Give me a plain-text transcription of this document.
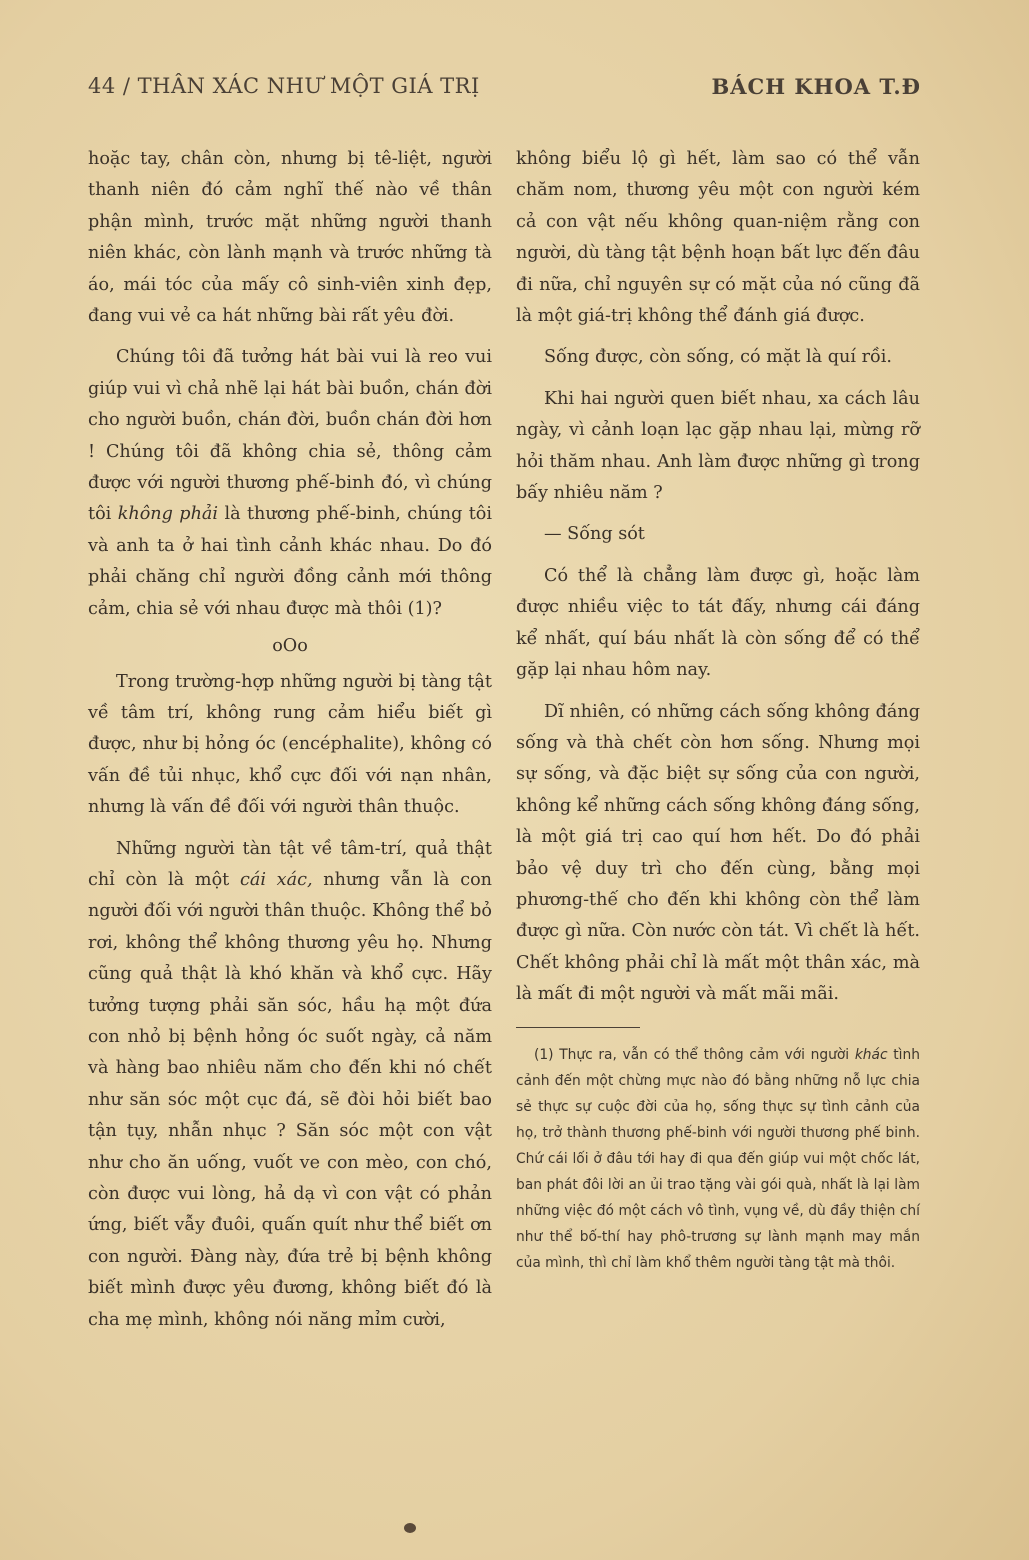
44 / THÂN XÁC NHƯ MỘT GIÁ TRỊ	BÁCH KHOA T.Đ

hoặc tay, chân còn, nhưng bị tê-liệt, người thanh niên đó cảm nghĩ thế nào về thân phận mình, trước mặt những người thanh niên khác, còn lành mạnh và trước những tà áo, mái tóc của mấy cô sinh-viên xinh đẹp, đang vui vẻ ca hát những bài rất yêu đời.

Chúng tôi đã tưởng hát bài vui là reo vui giúp vui vì chả nhẽ lại hát bài buồn, chán đời cho người buồn, chán đời, buồn chán đời hơn ! Chúng tôi đã không chia sẻ, thông cảm được với người thương phế-binh đó, vì chúng tôi không phải là thương phế-binh, chúng tôi và anh ta ở hai tình cảnh khác nhau. Do đó phải chăng chỉ người đồng cảnh mới thông cảm, chia sẻ với nhau được mà thôi (1)?

oOo

Trong trường-hợp những người bị tàng tật về tâm trí, không rung cảm hiểu biết gì được, như bị hỏng óc (encéphalite), không có vấn đề tủi nhục, khổ cực đối với nạn nhân, nhưng là vấn đề đối với người thân thuộc.

Những người tàn tật về tâm-trí, quả thật chỉ còn là một cái xác, nhưng vẫn là con người đối với người thân thuộc. Không thể bỏ rơi, không thể không thương yêu họ. Nhưng cũng quả thật là khó khăn và khổ cực. Hãy tưởng tượng phải săn sóc, hầu hạ một đứa con nhỏ bị bệnh hỏng óc suốt ngày, cả năm và hàng bao nhiêu năm cho đến khi nó chết như săn sóc một cục đá, sẽ đòi hỏi biết bao tận tụy, nhẫn nhục ? Săn sóc một con vật như cho ăn uống, vuốt ve con mèo, con chó, còn được vui lòng, hả dạ vì con vật có phản ứng, biết vẫy đuôi, quấn quít như thể biết ơn con người. Đàng này, đứa trẻ bị bệnh không biết mình được yêu đương, không biết đó là cha mẹ mình, không nói năng mỉm cười,

không biểu lộ gì hết, làm sao có thể vẫn chăm nom, thương yêu một con người kém cả con vật nếu không quan-niệm rằng con người, dù tàng tật bệnh hoạn bất lực đến đâu đi nữa, chỉ nguyên sự có mặt của nó cũng đã là một giá-trị không thể đánh giá được.

Sống được, còn sống, có mặt là quí rồi.

Khi hai người quen biết nhau, xa cách lâu ngày, vì cảnh loạn lạc gặp nhau lại, mừng rỡ hỏi thăm nhau. Anh làm được những gì trong bấy nhiêu năm ?

— Sống sót

Có thể là chẳng làm được gì, hoặc làm được nhiều việc to tát đấy, nhưng cái đáng kể nhất, quí báu nhất là còn sống để có thể gặp lại nhau hôm nay.

Dĩ nhiên, có những cách sống không đáng sống và thà chết còn hơn sống. Nhưng mọi sự sống, và đặc biệt sự sống của con người, không kể những cách sống không đáng sống, là một giá trị cao quí hơn hết. Do đó phải bảo vệ duy trì cho đến cùng, bằng mọi phương-thế cho đến khi không còn thể làm được gì nữa. Còn nước còn tát. Vì chết là hết. Chết không phải chỉ là mất một thân xác, mà là mất đi một người và mất mãi mãi.

(1) Thực ra, vẫn có thể thông cảm với người khác tình cảnh đến một chừng mực nào đó bằng những nỗ lực chia sẻ thực sự cuộc đời của họ, sống thực sự tình cảnh của họ, trở thành thương phế-binh với người thương phế binh. Chứ cái lối ở đâu tới hay đi qua đến giúp vui một chốc lát, ban phát đôi lời an ủi trao tặng vài gói quà, nhất là lại làm những việc đó một cách vô tình, vụng về, dù đầy thiện chí như thể bố-thí hay phô-trương sự lành mạnh may mắn của mình, thì chỉ làm khổ thêm người tàng tật mà thôi.
